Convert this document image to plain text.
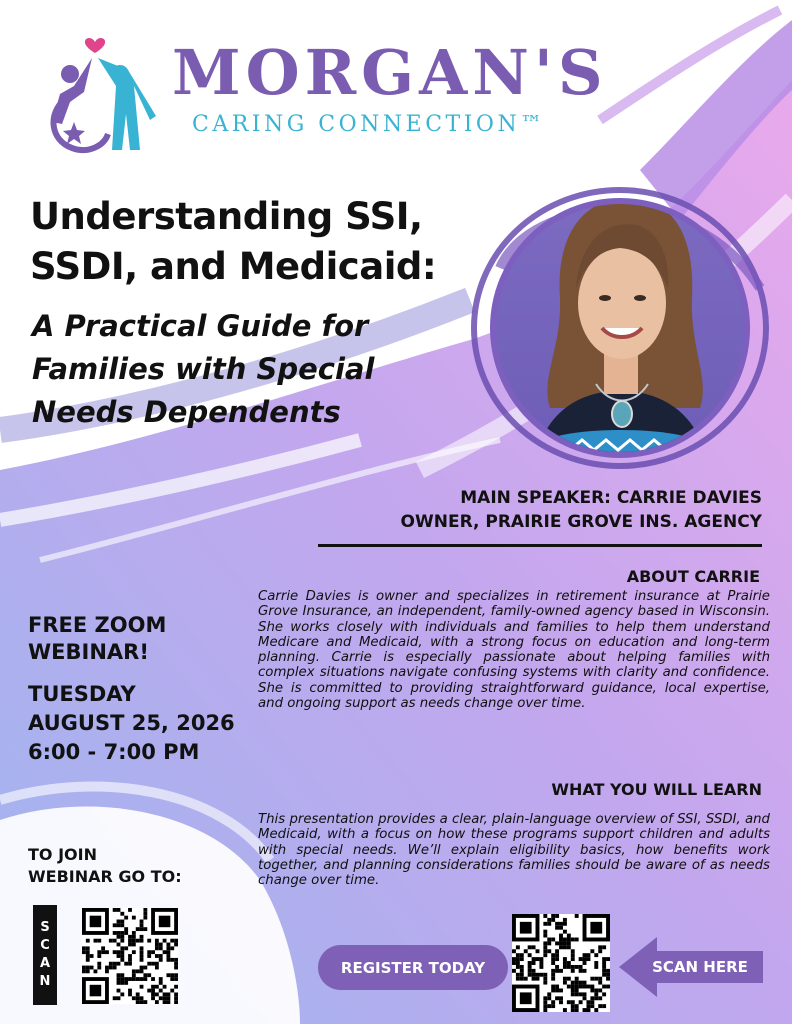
MORGAN'S
CARING CONNECTION™
Understanding SSI,
SSDI, and Medicaid:
A Practical Guide for
Families with Special
Needs Dependents
MAIN SPEAKER: CARRIE DAVIES
OWNER, PRAIRIE GROVE INS. AGENCY
ABOUT CARRIE
Carrie Davies is owner and specializes in retirement insurance at Prairie Grove Insurance, an independent, family-owned agency based in Wisconsin. She works closely with individuals and families to help them understand Medicare and Medicaid, with a strong focus on education and long-term planning. Carrie is especially passionate about helping families with complex situations navigate confusing systems with clarity and confidence. She is committed to providing straightforward guidance, local expertise, and ongoing support as needs change over time.
WHAT YOU WILL LEARN
This presentation provides a clear, plain-language overview of SSI, SSDI, and Medicaid, with a focus on how these programs support children and adults with special needs. We’ll explain eligibility basics, how benefits work together, and planning considerations families should be aware of as needs change over time.
FREE ZOOM
WEBINAR!
TUESDAY
AUGUST 25, 2026
6:00 - 7:00 PM
TO JOIN
WEBINAR GO TO:
S
C
A
N
REGISTER TODAY	SCAN HERE
